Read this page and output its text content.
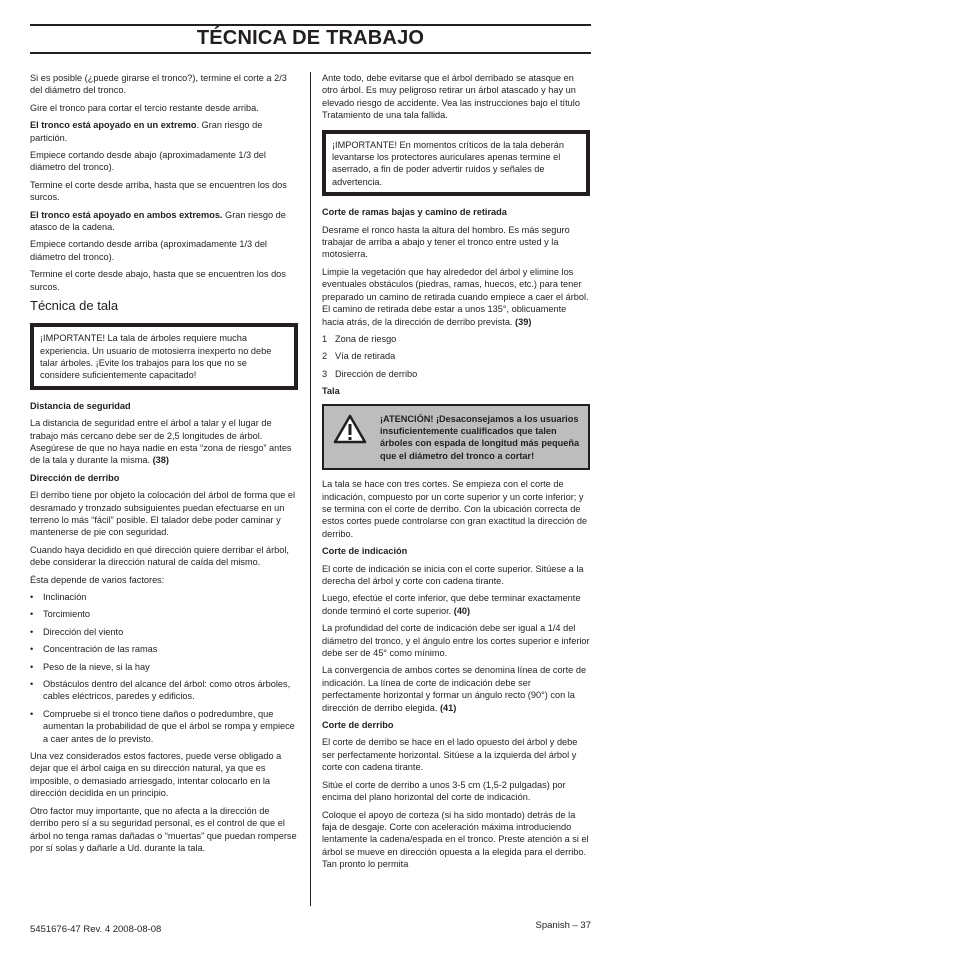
TÉCNICA DE TRABAJO

Si es posible (¿puede girarse el tronco?), termine el corte a 2/3 del diámetro del tronco.

Gire el tronco para cortar el tercio restante desde arriba.

El tronco está apoyado en un extremo. Gran riesgo de partición.

Empiece cortando desde abajo (aproximadamente 1/3 del diámetro del tronco).

Termine el corte desde arriba, hasta que se encuentren los dos surcos.

El tronco está apoyado en ambos extremos. Gran riesgo de atasco de la cadena.

Empiece cortando desde arriba (aproximadamente 1/3 del diámetro del tronco).

Termine el corte desde abajo, hasta que se encuentren los dos surcos.

Técnica de tala

¡IMPORTANTE! La tala de árboles requiere mucha experiencia. Un usuario de motosierra inexperto no debe talar árboles. ¡Evite los trabajos para los que no se considere suficientemente capacitado!

Distancia de seguridad

La distancia de seguridad entre el árbol a talar y el lugar de trabajo más cercano debe ser de 2,5 longitudes de árbol. Asegúrese de que no haya nadie en esta “zona de riesgo” antes de la tala y durante la misma. (38)

Dirección de derribo

El derribo tiene por objeto la colocación del árbol de forma que el desramado y tronzado subsiguientes puedan efectuarse en un terreno lo más “fácil” posible. El talador debe poder caminar y mantenerse de pie con seguridad.

Cuando haya decidido en qué dirección quiere derribar el árbol, debe considerar la dirección natural de caída del mismo.

Ésta depende de varios factores:

• Inclinación
• Torcimiento
• Dirección del viento
• Concentración de las ramas
• Peso de la nieve, si la hay
• Obstáculos dentro del alcance del árbol: como otros árboles, cables eléctricos, paredes y edificios.
• Compruebe si el tronco tiene daños o podredumbre, que aumentan la probabilidad de que el árbol se rompa y empiece a caer antes de lo previsto.

Una vez considerados estos factores, puede verse obligado a dejar que el árbol caiga en su dirección natural, ya que es imposible, o demasiado arriesgado, intentar colocarlo en la dirección decidida en un principio.

Otro factor muy importante, que no afecta a la dirección de derribo pero sí a su seguridad personal, es el control de que el árbol no tenga ramas dañadas o “muertas” que puedan romperse por sí solas y dañarle a Ud. durante la tala.

Ante todo, debe evitarse que el árbol derribado se atasque en otro árbol. Es muy peligroso retirar un árbol atascado y hay un elevado riesgo de accidente. Vea las instrucciones bajo el título Tratamiento de una tala fallida.

¡IMPORTANTE! En momentos críticos de la tala deberán levantarse los protectores auriculares apenas termine el aserrado, a fin de poder advertir ruidos y señales de advertencia.

Corte de ramas bajas y camino de retirada

Desrame el ronco hasta la altura del hombro. Es más seguro trabajar de arriba a abajo y tener el tronco entre usted y la motosierra.

Limpie la vegetación que hay alrededor del árbol y elimine los eventuales obstáculos (piedras, ramas, huecos, etc.) para tener preparado un camino de retirada cuando empiece a caer el árbol. El camino de retirada debe estar a unos 135°, oblicuamente hacia atrás, de la dirección de derribo prevista. (39)

1 Zona de riesgo
2 Vía de retirada
3 Dirección de derribo
Tala
¡ATENCIÓN! ¡Desaconsejamos a los usuarios insuficientemente cualificados que talen árboles con espada de longitud más pequeña que el diámetro del tronco a cortar!

La tala se hace con tres cortes. Se empieza con el corte de indicación, compuesto por un corte superior y un corte inferior; y se termina con el corte de derribo. Con la ubicación correcta de estos cortes puede controlarse con gran exactitud la dirección de derribo.

Corte de indicación

El corte de indicación se inicia con el corte superior. Sitúese a la derecha del árbol y corte con cadena tirante.

Luego, efectúe el corte inferior, que debe terminar exactamente donde terminó el corte superior. (40)

La profundidad del corte de indicación debe ser igual a 1/4 del diámetro del tronco, y el ángulo entre los cortes superior e inferior debe ser de 45° como mínimo.

La convergencia de ambos cortes se denomina línea de corte de indicación. La línea de corte de indicación debe ser perfectamente horizontal y formar un ángulo recto (90°) con la dirección de derribo elegida. (41)

Corte de derribo

El corte de derribo se hace en el lado opuesto del árbol y debe ser perfectamente horizontal. Sitúese a la izquierda del árbol y corte con cadena tirante.

Sitúe el corte de derribo a unos 3-5 cm (1,5-2 pulgadas) por encima del plano horizontal del corte de indicación.

Coloque el apoyo de corteza (si ha sido montado) detrás de la faja de desgaje. Corte con aceleración máxima introduciendo lentamente la cadena/espada en el tronco. Preste atención a si el árbol se mueve en dirección opuesta a la elegida para el derribo. Tan pronto lo permita

5451676-47 Rev. 4 2008-08-08	Spanish – 37
